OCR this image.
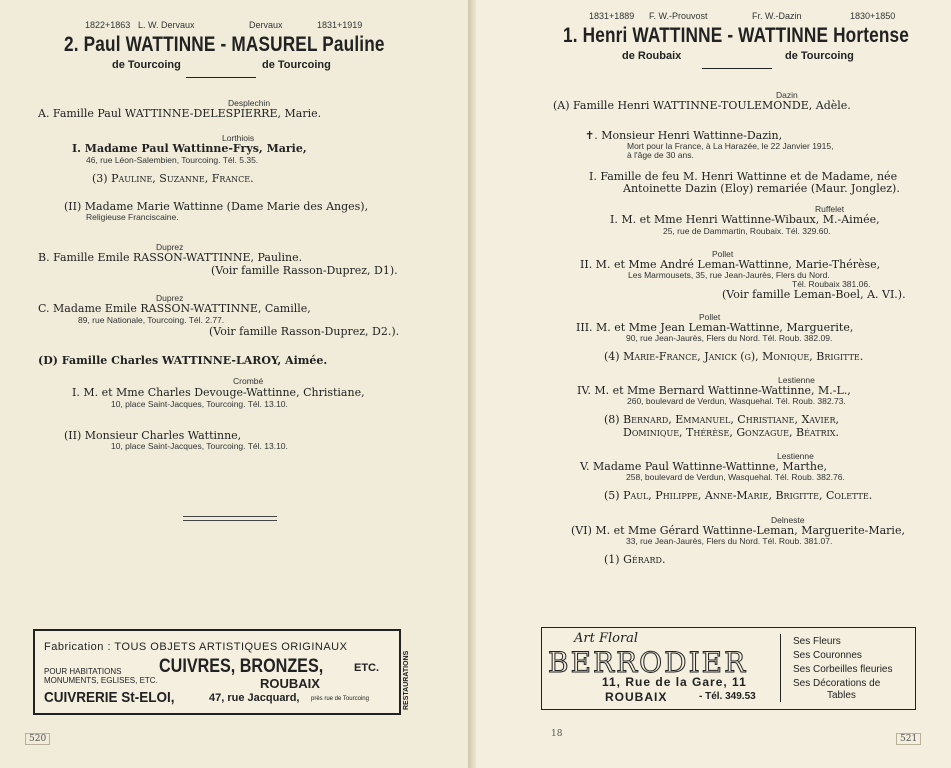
1822+1863 L. W. Dervaux	Dervaux	1831+1919
2. Paul WATTINNE - MASUREL Pauline
de Tourcoing	de Tourcoing
Desplechin
A. Famille Paul WATTINNE-DELESPIERRE, Marie.
Lorthiois
I. Madame Paul Wattinne-Frys, Marie,
46, rue Léon-Salembien, Tourcoing. Tél. 5.35.
(3) Pauline, Suzanne, France.
(II) Madame Marie Wattinne (Dame Marie des Anges),
Religieuse Franciscaine.
Duprez
B. Famille Emile RASSON-WATTINNE, Pauline.
(Voir famille Rasson-Duprez, D1).
Duprez
C. Madame Emile RASSON-WATTINNE, Camille,
89, rue Nationale, Tourcoing. Tél. 2.77.
(Voir famille Rasson-Duprez, D2.).
(D) Famille Charles WATTINNE-LAROY, Aimée.
Crombé
I. M. et Mme Charles Devouge-Wattinne, Christiane,
10, place Saint-Jacques, Tourcoing. Tél. 13.10.
(II) Monsieur Charles Wattinne,
10, place Saint-Jacques, Tourcoing. Tél. 13.10.
Fabrication : TOUS OBJETS ARTISTIQUES ORIGINAUX
POUR HABITATIONS
MONUMENTS, EGLISES, ETC.
CUIVRES, BRONZES,	ETC.
ROUBAIX
CUIVRERIE St-ELOI,	47, rue Jacquard, près rue de Tourcoing	RESTAURATIONS
520
1831+1889 F. W.-Prouvost	Fr. W.-Dazin	1830+1850
1. Henri WATTINNE - WATTINNE Hortense
de Roubaix	de Tourcoing
Dazin
(A) Famille Henri WATTINNE-TOULEMONDE, Adèle.
✝. Monsieur Henri Wattinne-Dazin,
Mort pour la France, à La Harazée, le 22 Janvier 1915,
à l'âge de 30 ans.
I. Famille de feu M. Henri Wattinne et de Madame, née
Antoinette Dazin (Eloy) remariée (Maur. Jonglez).
Ruffelet
I. M. et Mme Henri Wattinne-Wibaux, M.-Aimée,
25, rue de Dammartin, Roubaix. Tél. 329.60.
Pollet
II. M. et Mme André Leman-Wattinne, Marie-Thérèse,
Les Marmousets, 35, rue Jean-Jaurès, Flers du Nord.
Tél. Roubaix 381.06.
(Voir famille Leman-Boel, A. VI.).
Pollet
III. M. et Mme Jean Leman-Wattinne, Marguerite,
90, rue Jean-Jaurès, Flers du Nord. Tél. Roub. 382.09.
(4) Marie-France, Janick (g), Monique, Brigitte.
Lestienne
IV. M. et Mme Bernard Wattinne-Wattinne, M.-L.,
260, boulevard de Verdun, Wasquehal. Tél. Roub. 382.73.
(8) Bernard, Emmanuel, Christiane, Xavier,
Dominique, Thérèse, Gonzague, Béatrix.
Lestienne
V. Madame Paul Wattinne-Wattinne, Marthe,
258, boulevard de Verdun, Wasquehal. Tél. Roub. 382.76.
(5) Paul, Philippe, Anne-Marie, Brigitte, Colette.
Delneste
(VI) M. et Mme Gérard Wattinne-Leman, Marguerite-Marie,
33, rue Jean-Jaurès, Flers du Nord. Tél. Roub. 381.07.
(1) Gérard.
18	521
Art Floral
BERRODIER
11, Rue de la Gare, 11
ROUBAIX	- Tél. 349.53
Ses Fleurs
Ses Couronnes
Ses Corbeilles fleuries
Ses Décorations de
Tables
